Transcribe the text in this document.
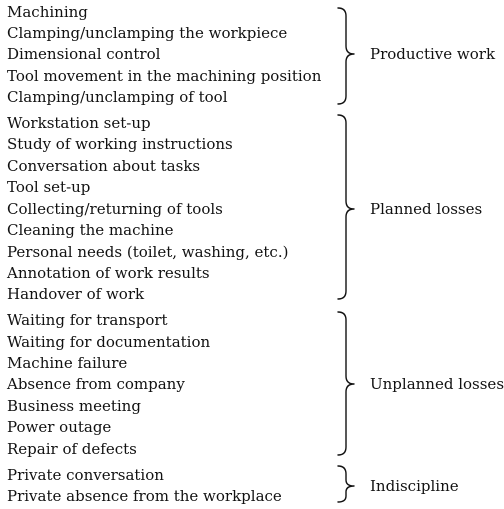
Machining
Clamping/unclamping the workpiece
Dimensional control
Tool movement in the machining position
Clamping/unclamping of tool
Productive work
Workstation set-up
Study of working instructions
Conversation about tasks
Tool set-up
Collecting/returning of tools
Cleaning the machine
Personal needs (toilet, washing, etc.)
Annotation of work results
Handover of work
Planned losses
Waiting for transport
Waiting for documentation
Machine failure
Absence from company
Business meeting
Power outage
Repair of defects
Unplanned losses
Private conversation
Private absence from the workplace
Indiscipline
